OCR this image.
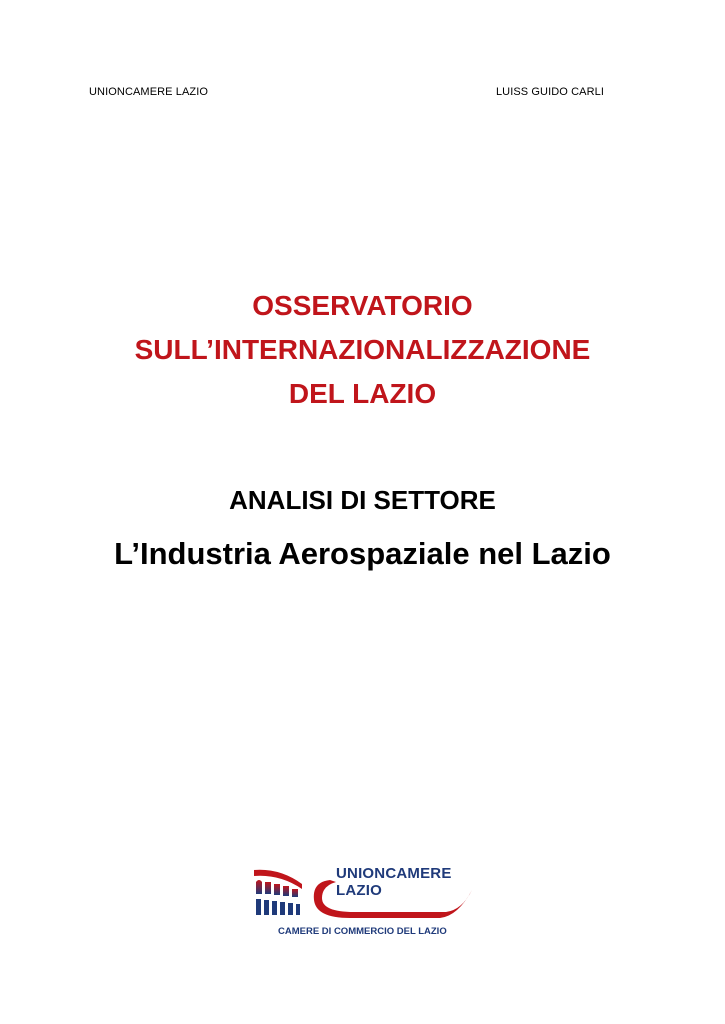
UNIONCAMERE LAZIO	LUISS GUIDO CARLI
OSSERVATORIO
SULL’INTERNAZIONALIZZAZIONE
DEL LAZIO
ANALISI DI SETTORE
L’Industria Aerospaziale nel Lazio
UNIONCAMERE
LAZIO
CAMERE DI COMMERCIO DEL LAZIO
